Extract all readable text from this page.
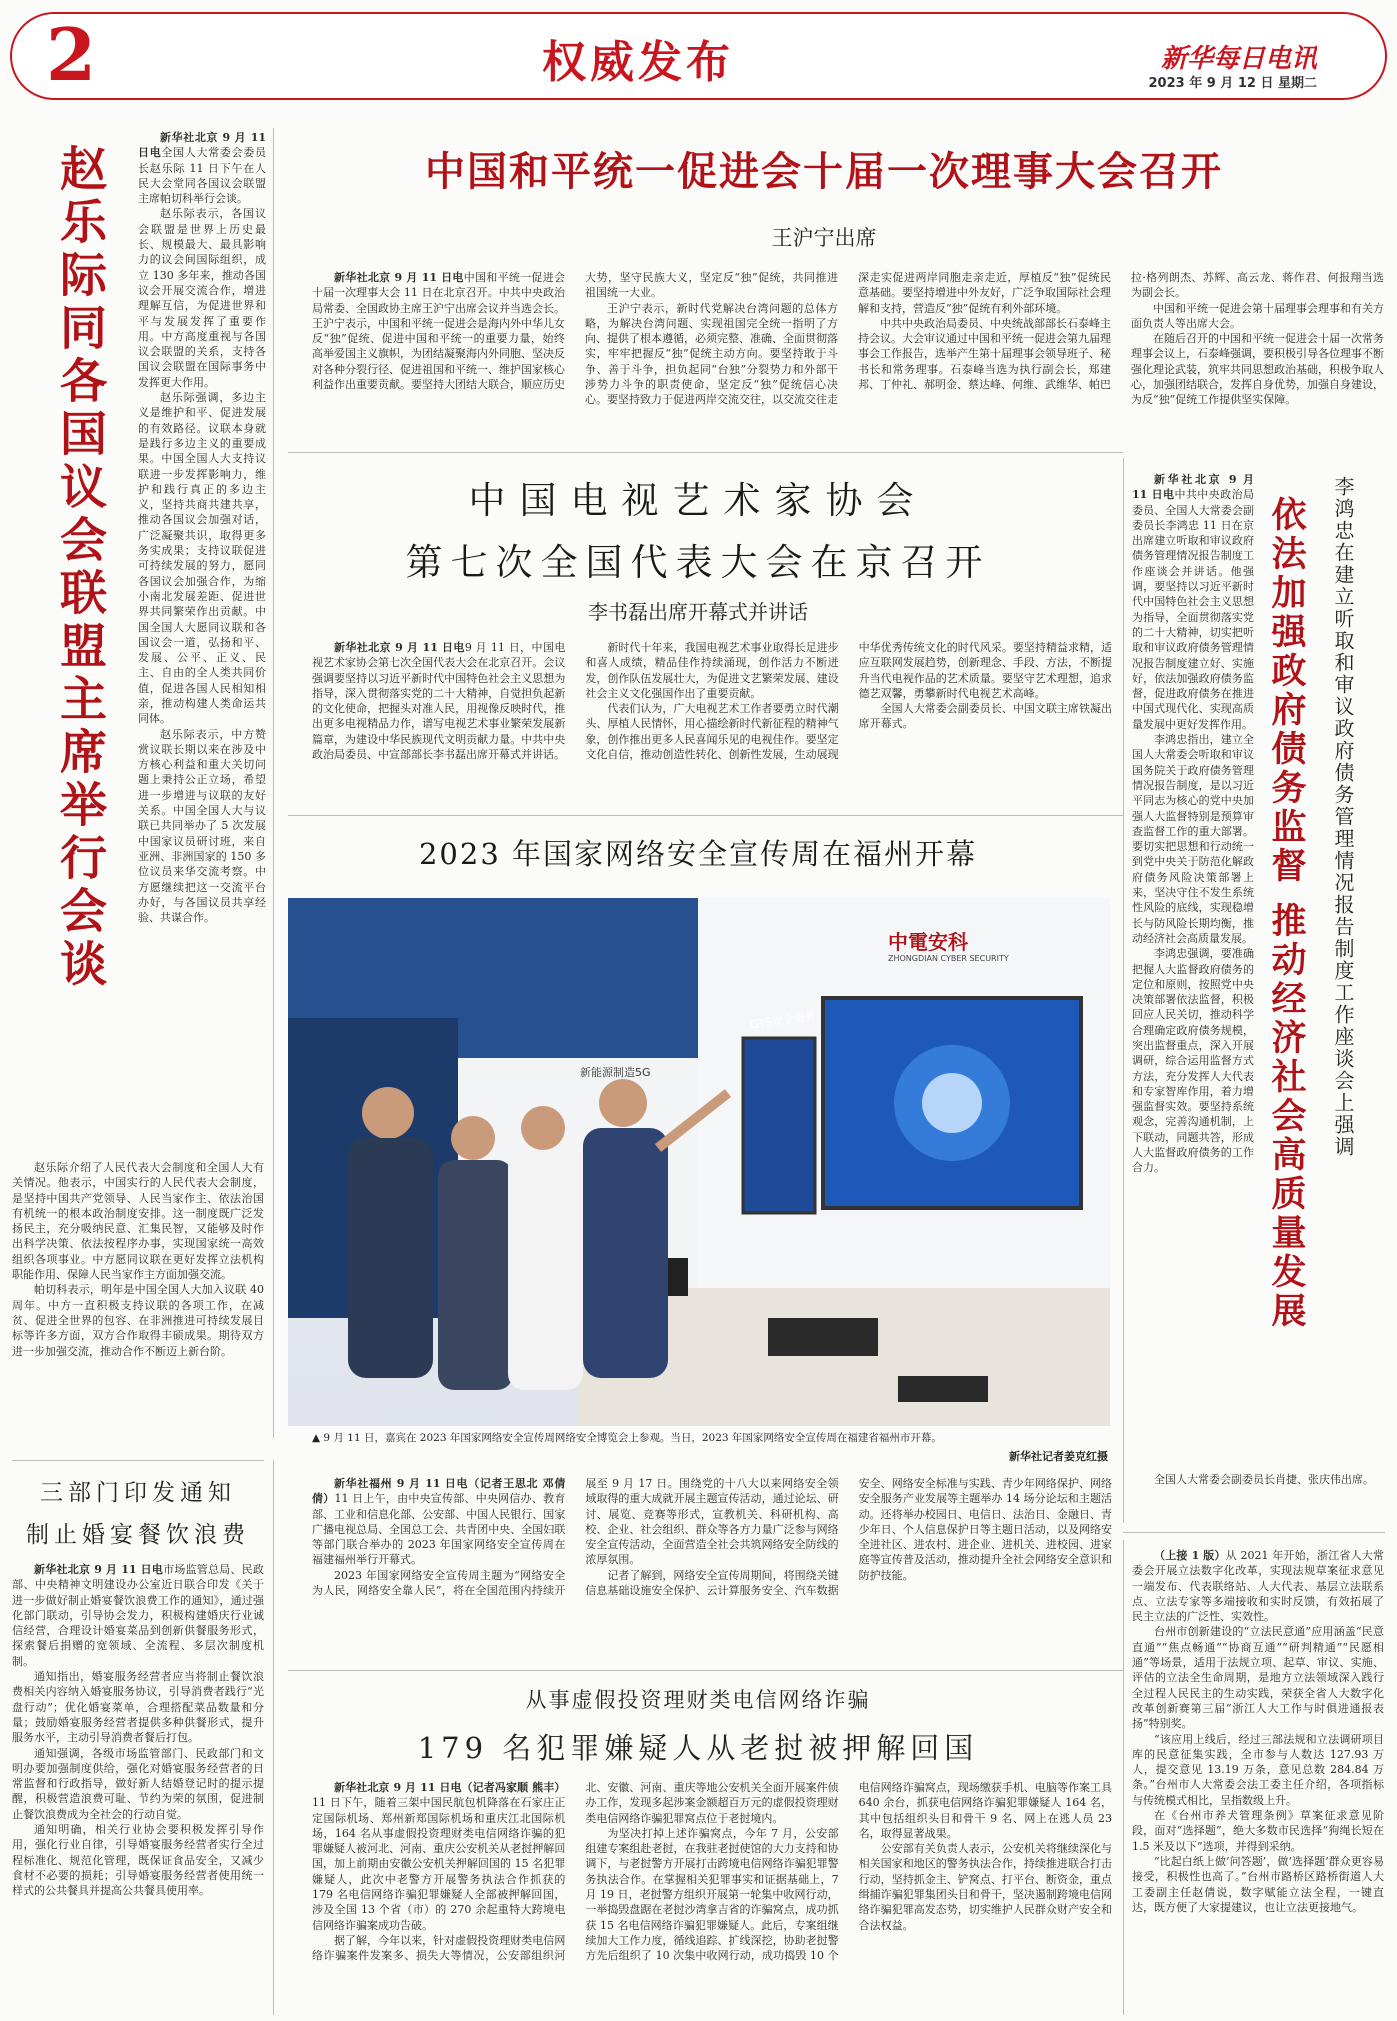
2	权威发布	新华每日电讯
2023 年 9 月 12 日 星期二
赵乐际同各国议会联盟主席举行会谈

新华社北京 9 月 11 日电全国人大常委会委员长赵乐际 11 日下午在人民大会堂同各国议会联盟主席帕切科举行会谈。

赵乐际表示，各国议会联盟是世界上历史最长、规模最大、最具影响力的议会间国际组织，成立 130 多年来，推动各国议会开展交流合作，增进理解互信，为促进世界和平与发展发挥了重要作用。中方高度重视与各国议会联盟的关系，支持各国议会联盟在国际事务中发挥更大作用。

赵乐际强调，多边主义是维护和平、促进发展的有效路径。议联本身就是践行多边主义的重要成果。中国全国人大支持议联进一步发挥影响力，维护和践行真正的多边主义，坚持共商共建共享，推动各国议会加强对话，广泛凝聚共识，取得更多务实成果；支持议联促进可持续发展的努力，愿同各国议会加强合作，为缩小南北发展差距、促进世界共同繁荣作出贡献。中国全国人大愿同议联和各国议会一道，弘扬和平、发展、公平、正义、民主、自由的全人类共同价值，促进各国人民相知相亲，推动构建人类命运共同体。

赵乐际表示，中方赞赏议联长期以来在涉及中方核心利益和重大关切问题上秉持公正立场，希望进一步增进与议联的友好关系。中国全国人大与议联已共同举办了 5 次发展中国家议员研讨班，来自亚洲、非洲国家的 150 多位议员来华交流考察。中方愿继续把这一交流平台办好，与各国议员共享经验、共谋合作。

赵乐际介绍了人民代表大会制度和全国人大有关情况。他表示，中国实行的人民代表大会制度，是坚持中国共产党领导、人民当家作主、依法治国有机统一的根本政治制度安排。这一制度既广泛发扬民主，充分吸纳民意、汇集民智，又能够及时作出科学决策、依法按程序办事，实现国家统一高效组织各项事业。中方愿同议联在更好发挥立法机构职能作用、保障人民当家作主方面加强交流。

帕切科表示，明年是中国全国人大加入议联 40 周年。中方一直积极支持议联的各项工作，在减贫、促进全世界的包容、在非洲推进可持续发展目标等许多方面，双方合作取得丰硕成果。期待双方进一步加强交流，推动合作不断迈上新台阶。

中国和平统一促进会十届一次理事大会召开
王沪宁出席

新华社北京 9 月 11 日电中国和平统一促进会十届一次理事大会 11 日在北京召开。中共中央政治局常委、全国政协主席王沪宁出席会议并当选会长。王沪宁表示，中国和平统一促进会是海内外中华儿女反“独”促统、促进中国和平统一的重要力量，始终高举爱国主义旗帜，为团结凝聚海内外同胞、坚决反对各种分裂行径、促进祖国和平统一、维护国家核心利益作出重要贡献。要坚持大团结大联合，顺应历史大势，坚守民族大义，坚定反“独”促统，共同推进祖国统一大业。

王沪宁表示，新时代党解决台湾问题的总体方略，为解决台湾问题、实现祖国完全统一指明了方向、提供了根本遵循，必须完整、准确、全面贯彻落实，牢牢把握反“独”促统主动方向。要坚持敢于斗争、善于斗争，担负起同“台独”分裂势力和外部干涉势力斗争的职责使命，坚定反“独”促统信心决心。要坚持致力于促进两岸交流交往，以交流交往走深走实促进两岸同胞走亲走近，厚植反“独”促统民意基础。要坚持增进中外友好，广泛争取国际社会理解和支持，营造反“独”促统有利外部环境。

中共中央政治局委员、中央统战部部长石泰峰主持会议。大会审议通过中国和平统一促进会第九届理事会工作报告，选举产生第十届理事会领导班子、秘书长和常务理事。石泰峰当选为执行副会长，郑建邦、丁仲礼、郝明金、蔡达峰、何维、武维华、帕巴拉·格列朗杰、苏辉、高云龙、蒋作君、何报翔当选为副会长。

中国和平统一促进会第十届理事会理事和有关方面负责人等出席大会。

在随后召开的中国和平统一促进会十届一次常务理事会议上，石泰峰强调，要积极引导各位理事不断强化理论武装，筑牢共同思想政治基础，积极争取人心，加强团结联合，发挥自身优势，加强自身建设，为反“独”促统工作提供坚实保障。

中国电视艺术家协会
第七次全国代表大会在京召开
李书磊出席开幕式并讲话

新华社北京 9 月 11 日电9 月 11 日，中国电视艺术家协会第七次全国代表大会在北京召开。会议强调要坚持以习近平新时代中国特色社会主义思想为指导，深入贯彻落实党的二十大精神，自觉担负起新的文化使命，把握头对准人民，用视像反映时代，推出更多电视精品力作，谱写电视艺术事业繁荣发展新篇章，为建设中华民族现代文明贡献力量。中共中央政治局委员、中宣部部长李书磊出席开幕式并讲话。

新时代十年来，我国电视艺术事业取得长足进步和喜人成绩，精品佳作持续涌现，创作活力不断迸发，创作队伍发展壮大，为促进文艺繁荣发展、建设社会主义文化强国作出了重要贡献。

代表们认为，广大电视艺术工作者要勇立时代潮头、厚植人民情怀，用心描绘新时代新征程的精神气象，创作推出更多人民喜闻乐见的电视佳作。要坚定文化自信，推动创造性转化、创新性发展，生动展现中华优秀传统文化的时代风采。要坚持精益求精，适应互联网发展趋势，创新理念、手段、方法，不断提升当代电视作品的艺术质量。要坚守艺术理想，追求德艺双馨，勇攀新时代电视艺术高峰。

全国人大常委会副委员长、中国文联主席铁凝出席开幕式。

2023 年国家网络安全宣传周在福州开幕
新能源制造5G
GTS安全服务
中電安科
ZHONGDIAN CYBER SECURITY
▲ 9 月 11 日，嘉宾在 2023 年国家网络安全宣传周网络安全博览会上参观。当日，2023 年国家网络安全宣传周在福建省福州市开幕。
新华社记者姜克红摄

新华社北京 9 月 11 日电中共中央政治局委员、全国人大常委会副委员长李鸿忠 11 日在京出席建立听取和审议政府债务管理情况报告制度工作座谈会并讲话。他强调，要坚持以习近平新时代中国特色社会主义思想为指导，全面贯彻落实党的二十大精神，切实把听取和审议政府债务管理情况报告制度建立好、实施好，依法加强政府债务监督，促进政府债务在推进中国式现代化、实现高质量发展中更好发挥作用。

李鸿忠指出，建立全国人大常委会听取和审议国务院关于政府债务管理情况报告制度，是以习近平同志为核心的党中央加强人大监督特别是预算审查监督工作的重大部署。要切实把思想和行动统一到党中央关于防范化解政府债务风险决策部署上来，坚决守住不发生系统性风险的底线，实现稳增长与防风险长期均衡，推动经济社会高质量发展。

李鸿忠强调，要准确把握人大监督政府债务的定位和原则，按照党中央决策部署依法监督，积极回应人民关切，推动科学合理确定政府债务规模，突出监督重点，深入开展调研，综合运用监督方式方法，充分发挥人大代表和专家智库作用，着力增强监督实效。要坚持系统观念，完善沟通机制，上下联动，同题共答，形成人大监督政府债务的工作合力。	依法加强政府债务监督 推动经济社会高质量发展 李鸿忠在建立听取和审议政府债务管理情况报告制度工作座谈会上强调

全国人大常委会副委员长肖捷、张庆伟出席。

三部门印发通知
制止婚宴餐饮浪费

新华社北京 9 月 11 日电市场监管总局、民政部、中央精神文明建设办公室近日联合印发《关于进一步做好制止婚宴餐饮浪费工作的通知》，通过强化部门联动，引导协会发力，积极构建婚庆行业诚信经营，合理设计婚宴菜品到创新供餐服务形式，探索餐后捐赠的宽领域、全流程、多层次制度机制。

通知指出，婚宴服务经营者应当将制止餐饮浪费相关内容纳入婚宴服务协议，引导消费者践行“光盘行动”；优化婚宴菜单，合理搭配菜品数量和分量；鼓励婚宴服务经营者提供多种供餐形式，提升服务水平，主动引导消费者餐后打包。

通知强调，各级市场监管部门、民政部门和文明办要加强制度供给，强化对婚宴服务经营者的日常监督和行政指导，做好新人结婚登记时的提示提醒，积极营造浪费可耻、节约为荣的氛围，促进制止餐饮浪费成为全社会的行动自觉。

通知明确，相关行业协会要积极发挥引导作用，强化行业自律，引导婚宴服务经营者实行全过程标准化、规范化管理，既保证食品安全，又减少食材不必要的损耗；引导婚宴服务经营者使用统一样式的公共餐具并提高公共餐具使用率。

新华社福州 9 月 11 日电（记者王思北 邓倩倩）11 日上午，由中央宣传部、中央网信办、教育部、工业和信息化部、公安部、中国人民银行、国家广播电视总局、全国总工会、共青团中央、全国妇联等部门联合举办的 2023 年国家网络安全宣传周在福建福州举行开幕式。

2023 年国家网络安全宣传周主题为“网络安全为人民，网络安全靠人民”，将在全国范围内持续开展至 9 月 17 日。围绕党的十八大以来网络安全领域取得的重大成就开展主题宣传活动，通过论坛、研讨、展览、竞赛等形式，宣教机关、科研机构、高校、企业、社会组织、群众等各方力量广泛参与网络安全宣传活动，全面营造全社会共筑网络安全防线的浓厚氛围。

记者了解到，网络安全宣传周期间，将围绕关键信息基础设施安全保护、云计算服务安全、汽车数据安全、网络安全标准与实践、青少年网络保护、网络安全服务产业发展等主题举办 14 场分论坛和主题活动。还将举办校园日、电信日、法治日、金融日、青少年日、个人信息保护日等主题日活动，以及网络安全进社区、进农村、进企业、进机关、进校园、进家庭等宣传普及活动，推动提升全社会网络安全意识和防护技能。

从事虚假投资理财类电信网络诈骗
179 名犯罪嫌疑人从老挝被押解回国

新华社北京 9 月 11 日电（记者冯家顺 熊丰）11 日下午，随着三架中国民航包机降落在石家庄正定国际机场、郑州新郑国际机场和重庆江北国际机场，164 名从事虚假投资理财类电信网络诈骗的犯罪嫌疑人被河北、河南、重庆公安机关从老挝押解回国，加上前期由安徽公安机关押解回国的 15 名犯罪嫌疑人，此次中老警方开展警务执法合作抓获的 179 名电信网络诈骗犯罪嫌疑人全部被押解回国，涉及全国 13 个省（市）的 270 余起重特大跨境电信网络诈骗案成功告破。

据了解，今年以来，针对虚假投资理财类电信网络诈骗案件发案多、损失大等情况，公安部组织河北、安徽、河南、重庆等地公安机关全面开展案件侦办工作，发现多起涉案金额超百万元的虚假投资理财类电信网络诈骗犯罪窝点位于老挝境内。

为坚决打掉上述诈骗窝点，今年 7 月，公安部组建专案组赴老挝，在我驻老挝使馆的大力支持和协调下，与老挝警方开展打击跨境电信网络诈骗犯罪警务执法合作。在掌握相关犯罪事实和证据基础上，7 月 19 日，老挝警方组织开展第一轮集中收网行动，一举捣毁盘踞在老挝沙湾拿吉省的诈骗窝点，成功抓获 15 名电信网络诈骗犯罪嫌疑人。此后，专案组继续加大工作力度，循线追踪、扩线深挖，协助老挝警方先后组织了 10 次集中收网行动，成功捣毁 10 个电信网络诈骗窝点，现场缴获手机、电脑等作案工具 640 余台，抓获电信网络诈骗犯罪嫌疑人 164 名，其中包括组织头目和骨干 9 名、网上在逃人员 23 名，取得显著战果。

公安部有关负责人表示，公安机关将继续深化与相关国家和地区的警务执法合作，持续推进联合打击行动，坚持抓金主、铲窝点、打平台、断资金，重点缉捕诈骗犯罪集团头目和骨干，坚决遏制跨境电信网络诈骗犯罪高发态势，切实维护人民群众财产安全和合法权益。

（上接 1 版）从 2021 年开始，浙江省人大常委会开展立法数字化改革，实现法规草案征求意见一端发布、代表联络站、人大代表、基层立法联系点、立法专家等多端接收和实时反馈，有效拓展了民主立法的广泛性、实效性。

台州市创新建设的“立法民意通”应用涵盖“民意直通”“焦点畅通”“协商互通”“研判精通”“民愿相通”等场景，适用于法规立项、起草、审议、实施、评估的立法全生命周期，是地方立法领域深入践行全过程人民民主的生动实践，荣获全省人大数字化改革创新赛第三届“浙江人大工作与时俱进通报表扬”特别奖。

“该应用上线后，经过三部法规和立法调研项目库的民意征集实践，全市参与人数达 127.93 万人，提交意见 13.19 万条，意见总数 284.84 万条。”台州市人大常委会法工委主任介绍，各项指标与传统模式相比，呈指数级上升。

在《台州市养犬管理条例》草案征求意见阶段，面对“选择题”，绝大多数市民选择“狗绳长短在 1.5 米及以下”选项，并得到采纳。

“比起白纸上做‘问答题’，做‘选择题’群众更容易接受，积极性也高了。”台州市路桥区路桥街道人大工委副主任赵倩说，数字赋能立法全程，一键直达，既方便了大家提建议，也让立法更接地气。
